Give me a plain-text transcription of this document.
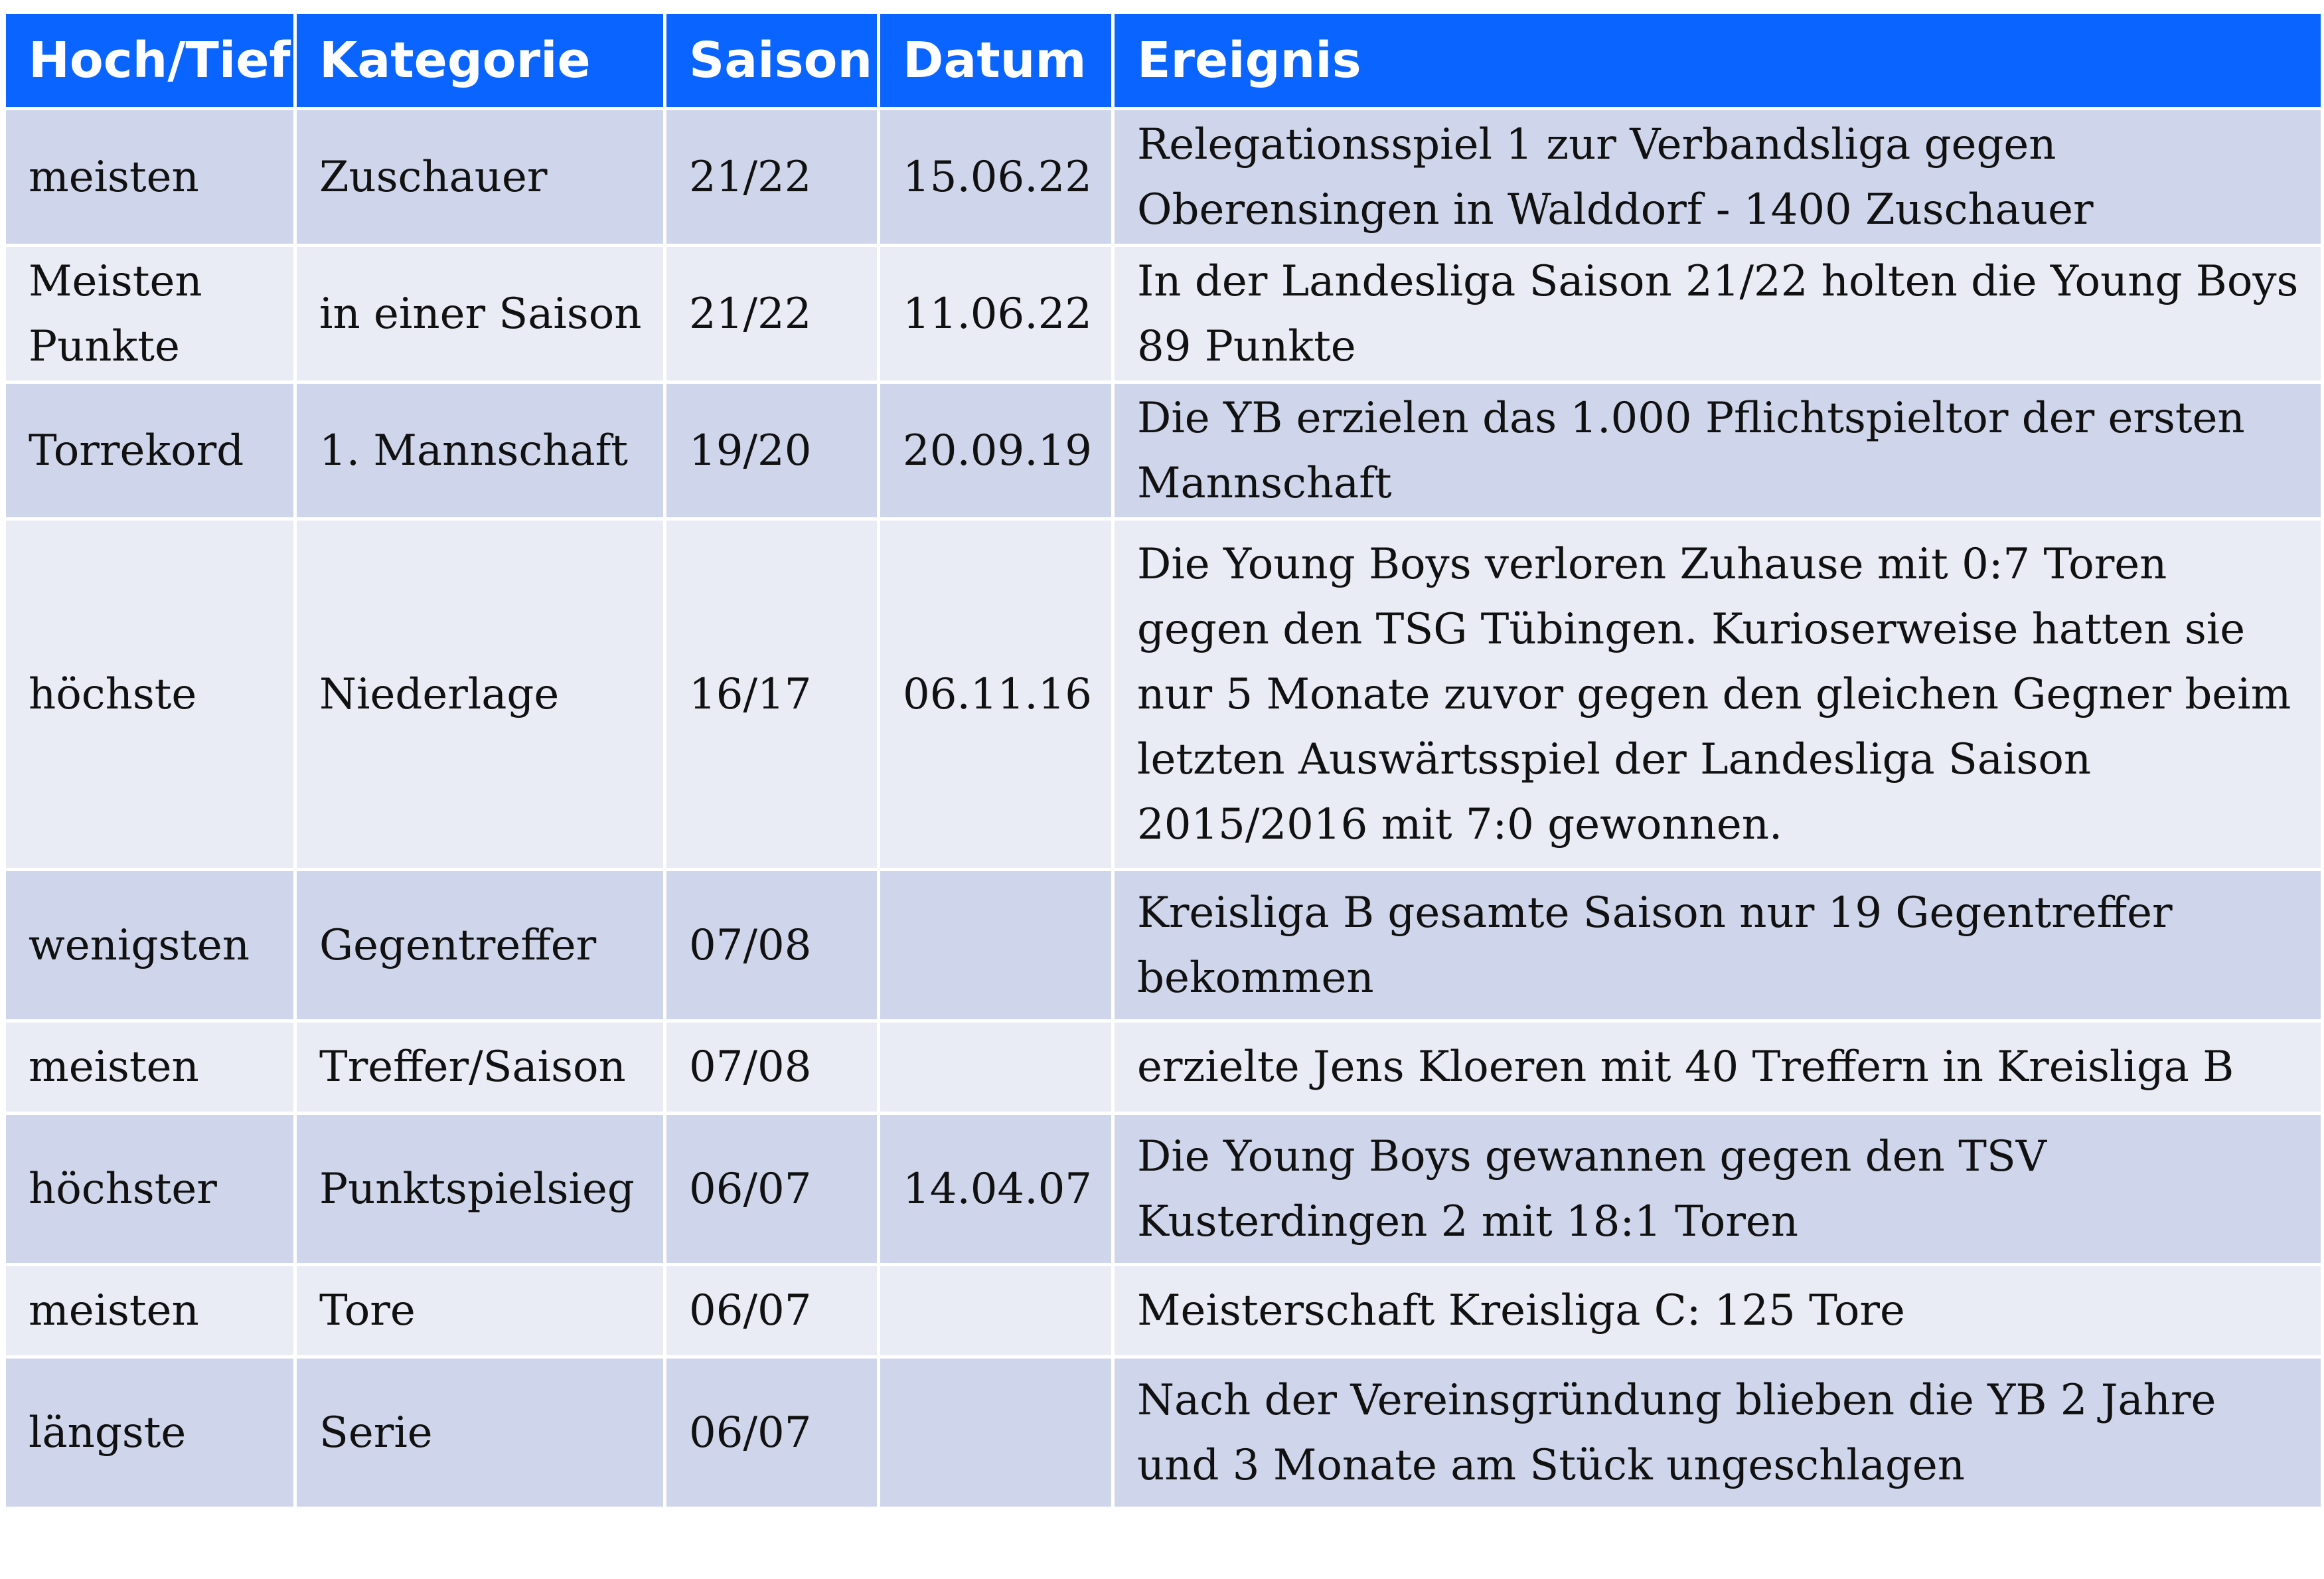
Hoch/Tief	Kategorie	Saison	Datum	Ereignis
meisten	Zuschauer	21/22	15.06.22	Relegationsspiel 1 zur Verbandsliga gegen Oberensingen in Walddorf - 1400 Zuschauer
Meisten Punkte	in einer Saison	21/22	11.06.22	In der Landesliga Saison 21/22 holten die Young Boys 89 Punkte
Torrekord	1. Mannschaft	19/20	20.09.19	Die YB erzielen das 1.000 Pflichtspieltor der ersten Mannschaft
höchste	Niederlage	16/17	06.11.16	Die Young Boys verloren Zuhause mit 0:7 Toren gegen den TSG Tübingen. Kurioserweise hatten sie nur 5 Monate zuvor gegen den gleichen Gegner beim letzten Auswärtsspiel der Landesliga Saison 2015/2016 mit 7:0 gewonnen.
wenigsten	Gegentreffer	07/08		Kreisliga B gesamte Saison nur 19 Gegentreffer bekommen
meisten	Treffer/Saison	07/08		erzielte Jens Kloeren mit 40 Treffern in Kreisliga B
höchster	Punktspielsieg	06/07	14.04.07	Die Young Boys gewannen gegen den TSV Kusterdingen 2 mit 18:1 Toren
meisten	Tore	06/07		Meisterschaft Kreisliga C: 125 Tore
längste	Serie	06/07		Nach der Vereinsgründung blieben die YB 2 Jahre und 3 Monate am Stück ungeschlagen
